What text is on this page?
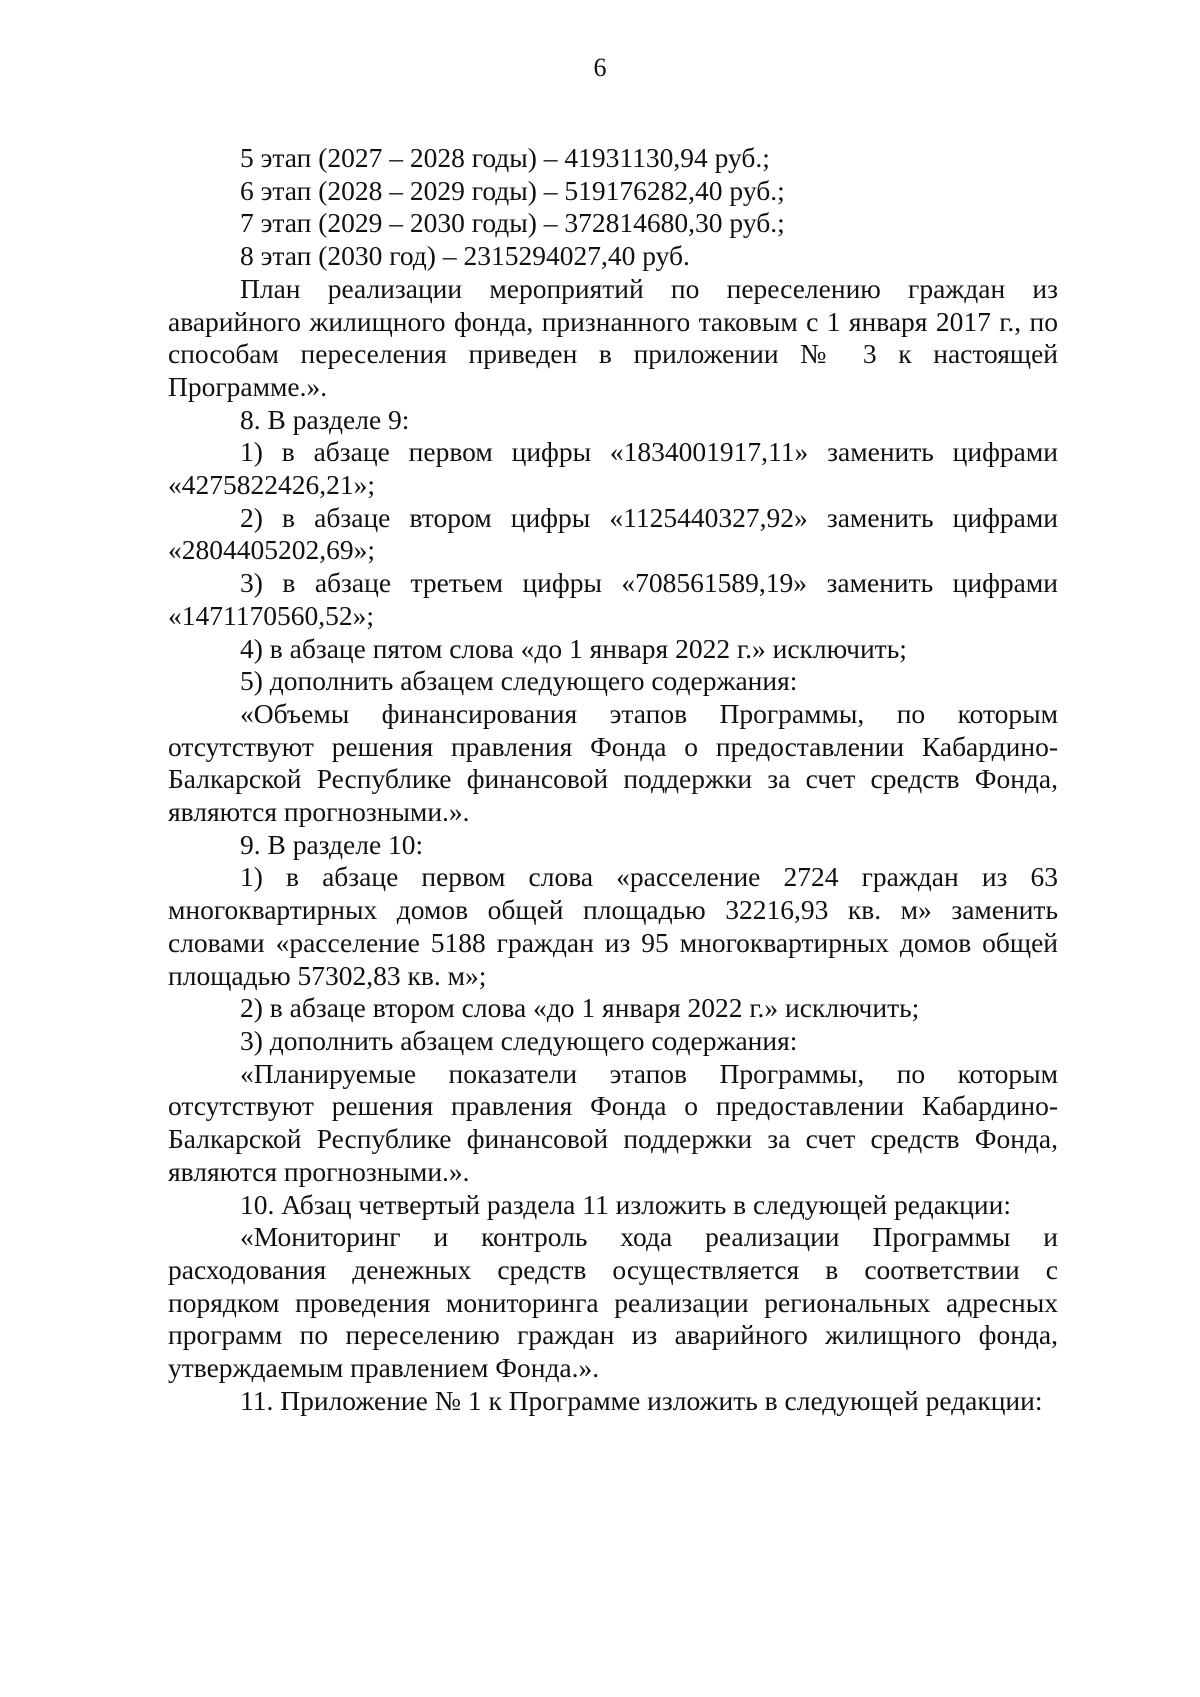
6

5 этап (2027 – 2028 годы) – 41931130,94 руб.;

6 этап (2028 – 2029 годы) – 519176282,40 руб.;

7 этап (2029 – 2030 годы) – 372814680,30 руб.;

8 этап (2030 год) – 2315294027,40 руб.

План реализации мероприятий по переселению граждан из аварийного жилищного фонда, признанного таковым с 1 января 2017 г., по способам переселения приведен в приложении № 3 к настоящей Программе.».

8. В разделе 9:

1) в абзаце первом цифры «1834001917,11» заменить цифрами «4275822426,21»;

2) в абзаце втором цифры «1125440327,92» заменить цифрами «2804405202,69»;

3) в абзаце третьем цифры «708561589,19» заменить цифрами «1471170560,52»;

4) в абзаце пятом слова «до 1 января 2022 г.» исключить;

5) дополнить абзацем следующего содержания:

«Объемы финансирования этапов Программы, по которым отсутствуют решения правления Фонда о предоставлении Кабардино-Балкарской Республике финансовой поддержки за счет средств Фонда, являются прогнозными.».

9. В разделе 10:

1) в абзаце первом слова «расселение 2724 граждан из 63 многоквартирных домов общей площадью 32216,93 кв. м» заменить словами «расселение 5188 граждан из 95 многоквартирных домов общей площадью 57302,83 кв. м»;

2) в абзаце втором слова «до 1 января 2022 г.» исключить;

3) дополнить абзацем следующего содержания:

«Планируемые показатели этапов Программы, по которым отсутствуют решения правления Фонда о предоставлении Кабардино-Балкарской Республике финансовой поддержки за счет средств Фонда, являются прогнозными.».

10. Абзац четвертый раздела 11 изложить в следующей редакции:

«Мониторинг и контроль хода реализации Программы и расходования денежных средств осуществляется в соответствии с порядком проведения мониторинга реализации региональных адресных программ по переселению граждан из аварийного жилищного фонда, утверждаемым правлением Фонда.».

11. Приложение № 1 к Программе изложить в следующей редакции:
